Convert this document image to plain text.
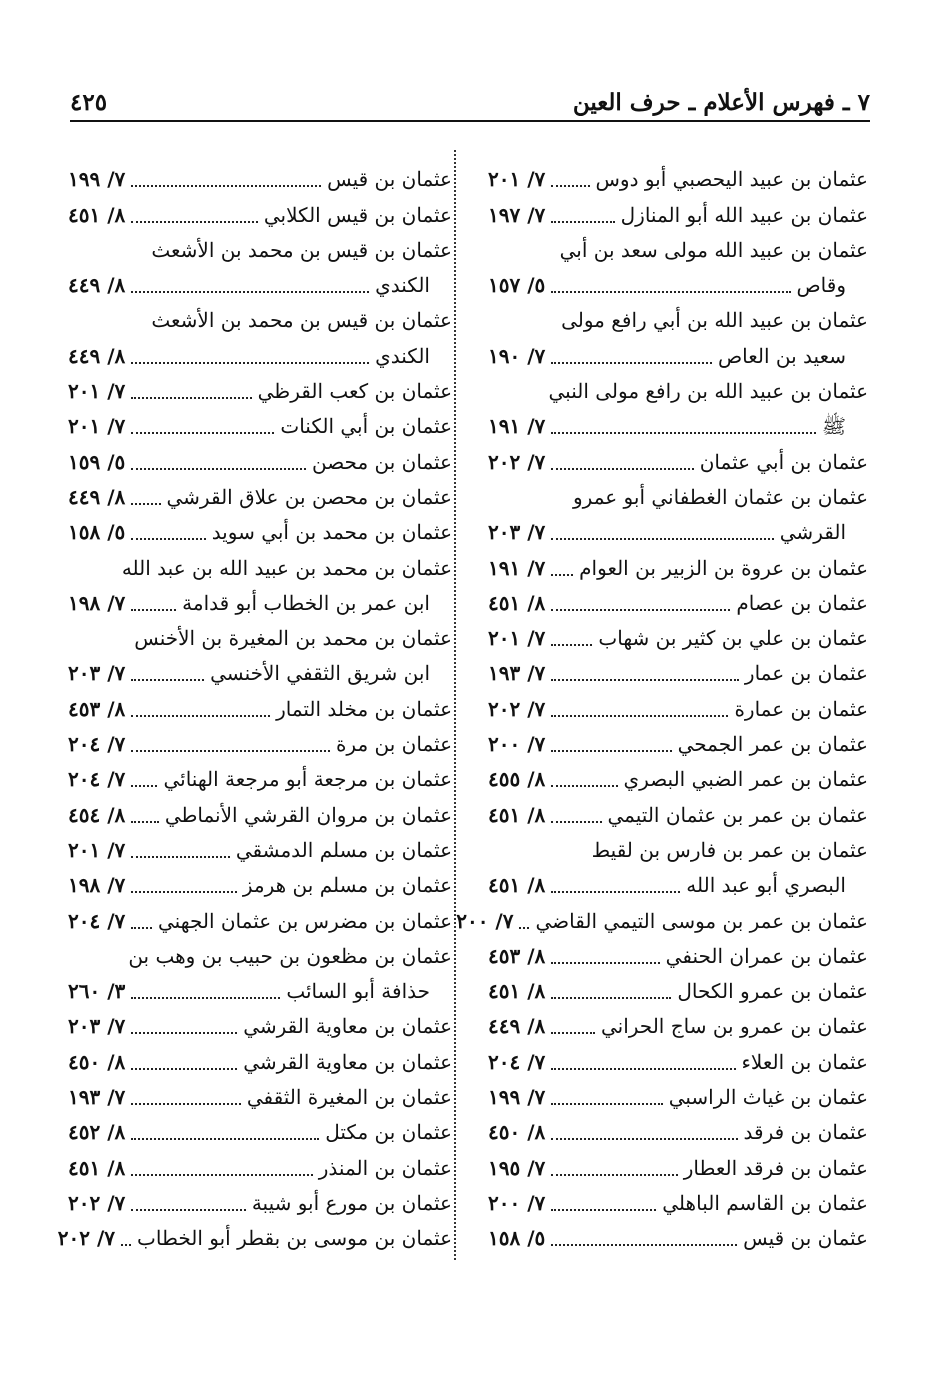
٧ ـ فهرس الأعلام ـ حرف العين
٤٢٥
عثمان بن عبيد اليحصبي أبو دوس
٧/ ٢٠١
عثمان بن عبيد الله أبو المنازل
٧/ ١٩٧
عثمان بن عبيد الله مولى سعد بن أبي
وقاص
٥/ ١٥٧
عثمان بن عبيد الله بن أبي رافع مولى
سعيد بن العاص
٧/ ١٩٠
عثمان بن عبيد الله بن رافع مولى النبي
ﷺ
٧/ ١٩١
عثمان بن أبي عثمان
٧/ ٢٠٢
عثمان بن عثمان الغطفاني أبو عمرو
القرشي
٧/ ٢٠٣
عثمان بن عروة بن الزبير بن العوام
٧/ ١٩١
عثمان بن عصام
٨/ ٤٥١
عثمان بن علي بن كثير بن شهاب
٧/ ٢٠١
عثمان بن عمار
٧/ ١٩٣
عثمان بن عمارة
٧/ ٢٠٢
عثمان بن عمر الجمحي
٧/ ٢٠٠
عثمان بن عمر الضبي البصري
٨/ ٤٥٥
عثمان بن عمر بن عثمان التيمي
٨/ ٤٥١
عثمان بن عمر بن فارس بن لقيط
البصري أبو عبد الله
٨/ ٤٥١
عثمان بن عمر بن موسى التيمي القاضي
٧/ ٢٠٠
عثمان بن عمران الحنفي
٨/ ٤٥٣
عثمان بن عمرو الكحال
٨/ ٤٥١
عثمان بن عمرو بن ساج الحراني
٨/ ٤٤٩
عثمان بن العلاء
٧/ ٢٠٤
عثمان بن غياث الراسبي
٧/ ١٩٩
عثمان بن فرقد
٨/ ٤٥٠
عثمان بن فرقد العطار
٧/ ١٩٥
عثمان بن القاسم الباهلي
٧/ ٢٠٠
عثمان بن قيس
٥/ ١٥٨
عثمان بن قيس
٧/ ١٩٩
عثمان بن قيس الكلابي
٨/ ٤٥١
عثمان بن قيس بن محمد بن الأشعث
الكندي
٨/ ٤٤٩
عثمان بن قيس بن محمد بن الأشعث
الكندي
٨/ ٤٤٩
عثمان بن كعب القرظي
٧/ ٢٠١
عثمان بن أبي الكنات
٧/ ٢٠١
عثمان بن محصن
٥/ ١٥٩
عثمان بن محصن بن علاق القرشي
٨/ ٤٤٩
عثمان بن محمد بن أبي سويد
٥/ ١٥٨
عثمان بن محمد بن عبيد الله بن عبد الله
ابن عمر بن الخطاب أبو قدامة
٧/ ١٩٨
عثمان بن محمد بن المغيرة بن الأخنس
ابن شريق الثقفي الأخنسي
٧/ ٢٠٣
عثمان بن مخلد التمار
٨/ ٤٥٣
عثمان بن مرة
٧/ ٢٠٤
عثمان بن مرجعة أبو مرجعة الهنائي
٧/ ٢٠٤
عثمان بن مروان القرشي الأنماطي
٨/ ٤٥٤
عثمان بن مسلم الدمشقي
٧/ ٢٠١
عثمان بن مسلم بن هرمز
٧/ ١٩٨
عثمان بن مضرس بن عثمان الجهني
٧/ ٢٠٤
عثمان بن مظعون بن حبيب بن وهب بن
حذافة أبو السائب
٣/ ٢٦٠
عثمان بن معاوية القرشي
٧/ ٢٠٣
عثمان بن معاوية القرشي
٨/ ٤٥٠
عثمان بن المغيرة الثقفي
٧/ ١٩٣
عثمان بن مكتل
٨/ ٤٥٢
عثمان بن المنذر
٨/ ٤٥١
عثمان بن مورع أبو شيبة
٧/ ٢٠٢
عثمان بن موسى بن بقطر أبو الخطاب
٧/ ٢٠٢
